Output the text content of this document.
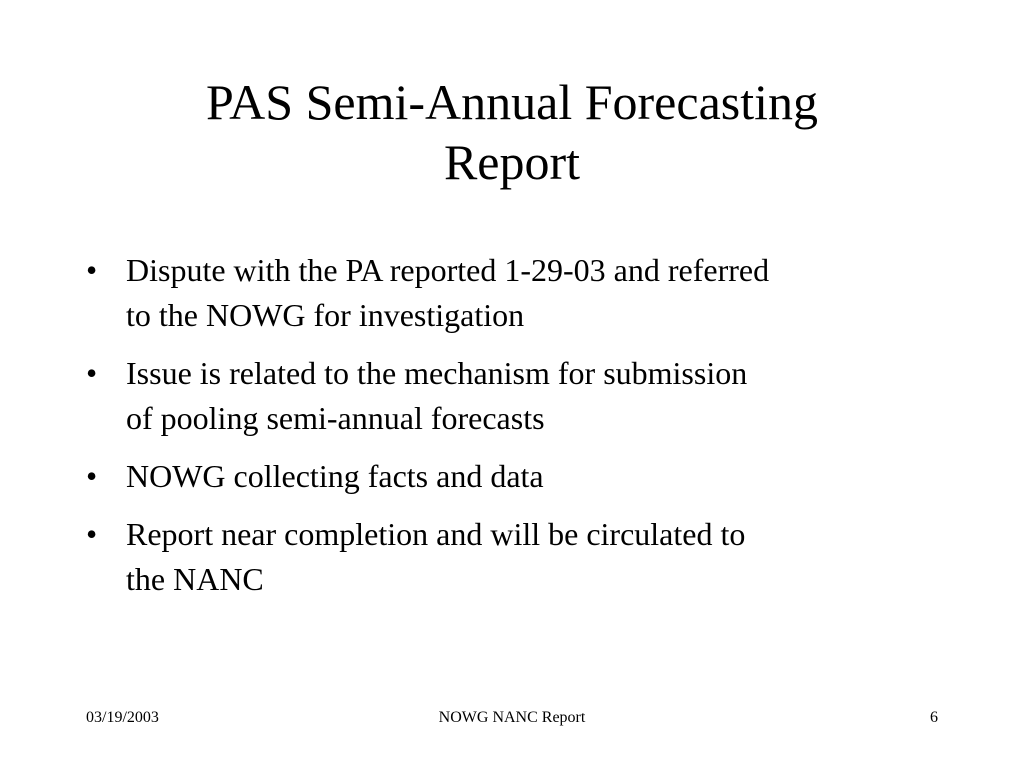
PAS Semi-Annual Forecasting
Report
• Dispute with the PA reported 1-29-03 and referred
to the NOWG for investigation
• Issue is related to the mechanism for submission
of pooling semi-annual forecasts
• NOWG collecting facts and data
• Report near completion and will be circulated to
the NANC
03/19/2003	NOWG NANC Report	6
